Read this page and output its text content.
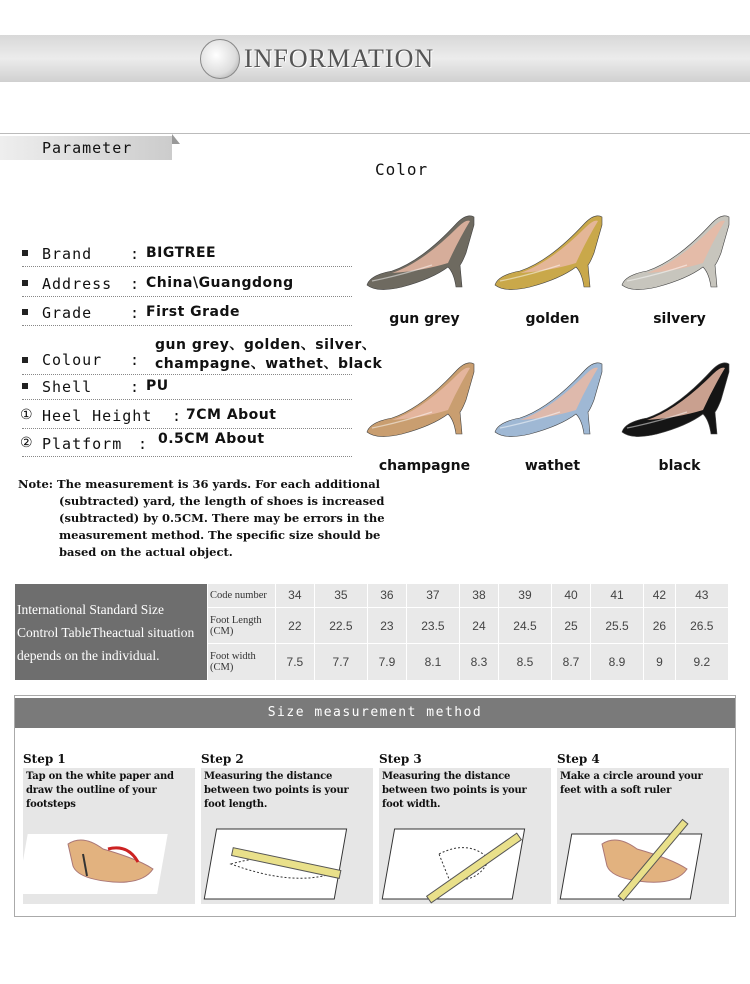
INFORMATION
Parameter
Color
Brand	BIGTREE
:
Address China\Guangdong
:
Grade	First Grade
:
Colour
gun grey、golden、silver、
: champagne、wathet、black
Shell	PU
:
① Heel Height 7CM About
:
② Platform	0.5CM About
:
gun grey	golden	silvery
champagne	wathet	black
Note: The measurement is 36 yards. For each additional
(subtracted) yard, the length of shoes is increased
(subtracted) by 0.5CM. There may be errors in the
measurement method. The specific size should be
based on the actual object.
International Standard Size
Control TableTheactual situation
depends on the individual.	Code number	34	35	36	37	38	39	40	41	42	43
	Foot Length (CM)	22	22.5	23	23.5	24	24.5	25	25.5	26	26.5
	Foot width (CM)	7.5	7.7	7.9	8.1	8.3	8.5	8.7	8.9	9	9.2
Size measurement method
Step 1
Tap on the white paper and draw the outline of your footsteps
Step 2
Measuring the distance between two points is your foot length.
Step 3
Measuring the distance between two points is your foot width.
Step 4
Make a circle around your feet with a soft ruler
